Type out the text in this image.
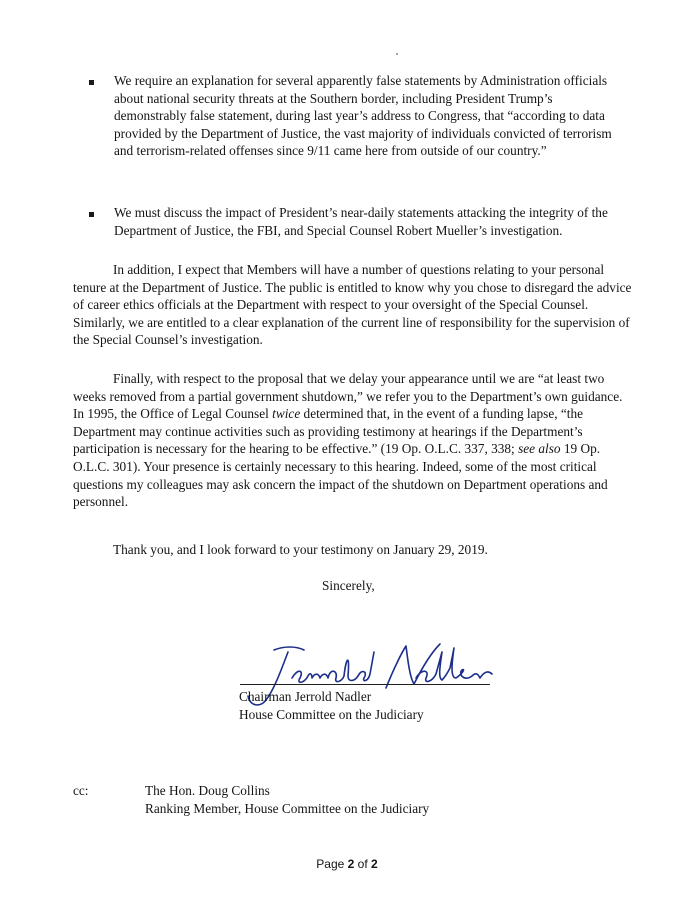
We require an explanation for several apparently false statements by Administration officials about national security threats at the Southern border, including President Trump’s demonstrably false statement, during last year’s address to Congress, that “according to data provided by the Department of Justice, the vast majority of individuals convicted of terrorism and terrorism-related offenses since 9/11 came here from outside of our country.”
We must discuss the impact of President’s near-daily statements attacking the integrity of the Department of Justice, the FBI, and Special Counsel Robert Mueller’s investigation.
In addition, I expect that Members will have a number of questions relating to your personal tenure at the Department of Justice. The public is entitled to know why you chose to disregard the advice of career ethics officials at the Department with respect to your oversight of the Special Counsel. Similarly, we are entitled to a clear explanation of the current line of responsibility for the supervision of the Special Counsel’s investigation.
Finally, with respect to the proposal that we delay your appearance until we are “at least two weeks removed from a partial government shutdown,” we refer you to the Department’s own guidance. In 1995, the Office of Legal Counsel twice determined that, in the event of a funding lapse, “the Department may continue activities such as providing testimony at hearings if the Department’s participation is necessary for the hearing to be effective.” (19 Op. O.L.C. 337, 338; see also 19 Op. O.L.C. 301). Your presence is certainly necessary to this hearing. Indeed, some of the most critical questions my colleagues may ask concern the impact of the shutdown on Department operations and personnel.
Thank you, and I look forward to your testimony on January 29, 2019.
Sincerely,
Chairman Jerrold Nadler
House Committee on the Judiciary
cc:	The Hon. Doug Collins
Ranking Member, House Committee on the Judiciary
Page 2 of 2
